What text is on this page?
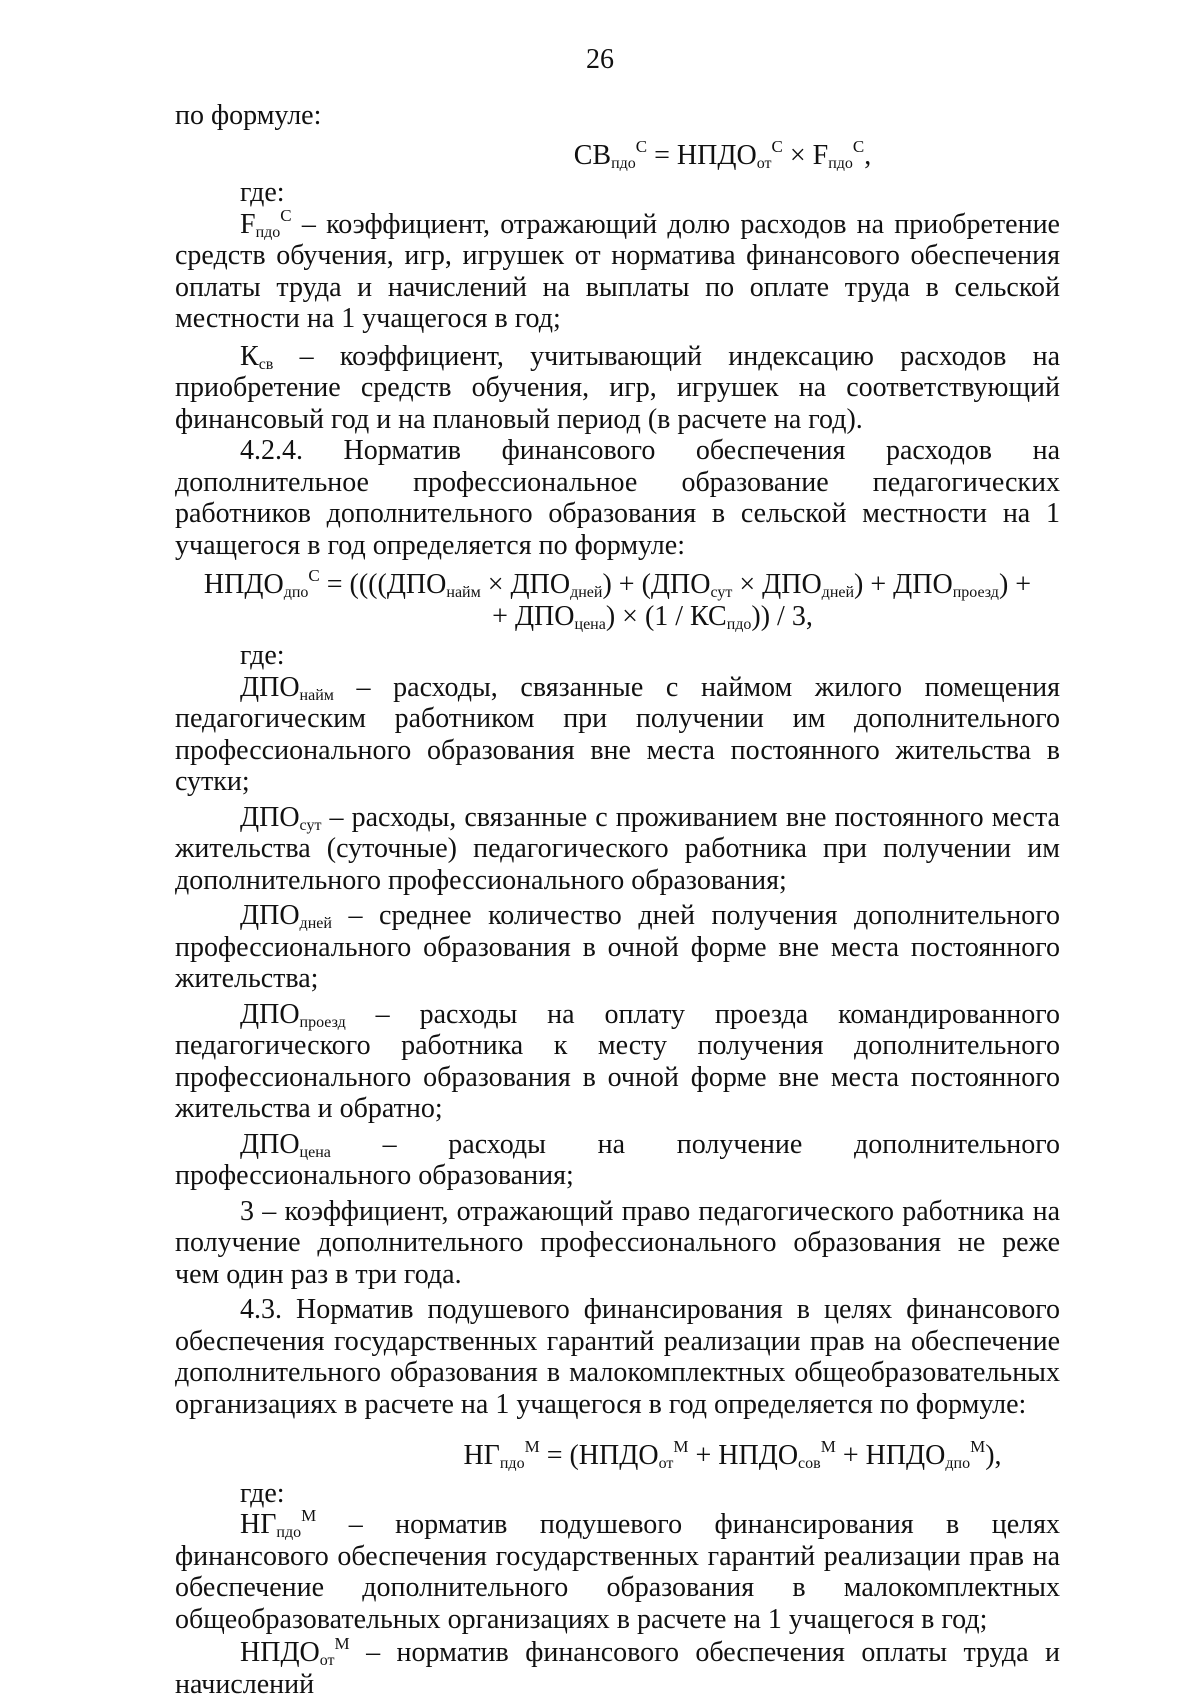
26

по формуле:

$СВ_{пдо}^С$ = $НПДО_{от}^С \times F_{пдо}^С$,

где:

$F_{пдо}^С$ – коэффициент, отражающий долю расходов на приобретение средств обучения, игр, игрушек от норматива финансового обеспечения оплаты труда и начислений на выплаты по оплате труда в сельской местности на 1 учащегося в год;

$К_{св}$ – коэффициент, учитывающий индексацию расходов на приобретение средств обучения, игр, игрушек на соответствующий финансовый год и на плановый период (в расчете на год).

4.2.4. Норматив финансового обеспечения расходов на дополнительное профессиональное образование педагогических работников дополнительного образования в сельской местности на 1 учащегося в год определяется по формуле:

$НПДО_{дпо}^С = ((((ДПО_{найм} \times ДПО_{дней}) + (ДПО_{сут} \times ДПО_{дней}) + ДПО_{проезд})$ +

+ $ДПО_{цена}) \times (1 / КС_{пдо})) / 3$,

где:

$ДПО_{найм}$ – расходы, связанные с наймом жилого помещения педагогическим работником при получении им дополнительного профессионального образования вне места постоянного жительства в сутки;

$ДПО_{сут}$ – расходы, связанные с проживанием вне постоянного места жительства (суточные) педагогического работника при получении им дополнительного профессионального образования;

$ДПО_{дней}$ – среднее количество дней получения дополнительного профессионального образования в очной форме вне места постоянного жительства;

$ДПО_{проезд}$ – расходы на оплату проезда командированного педагогического работника к месту получения дополнительного профессионального образования в очной форме вне места постоянного жительства и обратно;

$ДПО_{цена}$ – расходы на получение дополнительного профессионального образования;

3 – коэффициент, отражающий право педагогического работника на получение дополнительного профессионального образования не реже чем один раз в три года.

4.3. Норматив подушевого финансирования в целях финансового обеспечения государственных гарантий реализации прав на обеспечение дополнительного образования в малокомплектных общеобразовательных организациях в расчете на 1 учащегося в год определяется по формуле:

$НГ_{пдо}^М$ = ($НПДО_{от}^М$ + $НПДО_{сов}^М$ + $НПДО_{дпо}^М$),

где:

$НГ_{пдо}^М$ – норматив подушевого финансирования в целях финансового обеспечения государственных гарантий реализации прав на обеспечение дополнительного образования в малокомплектных общеобразовательных организациях в расчете на 1 учащегося в год;

$НПДО_{от}^М$ – норматив финансового обеспечения оплаты труда и начислений
